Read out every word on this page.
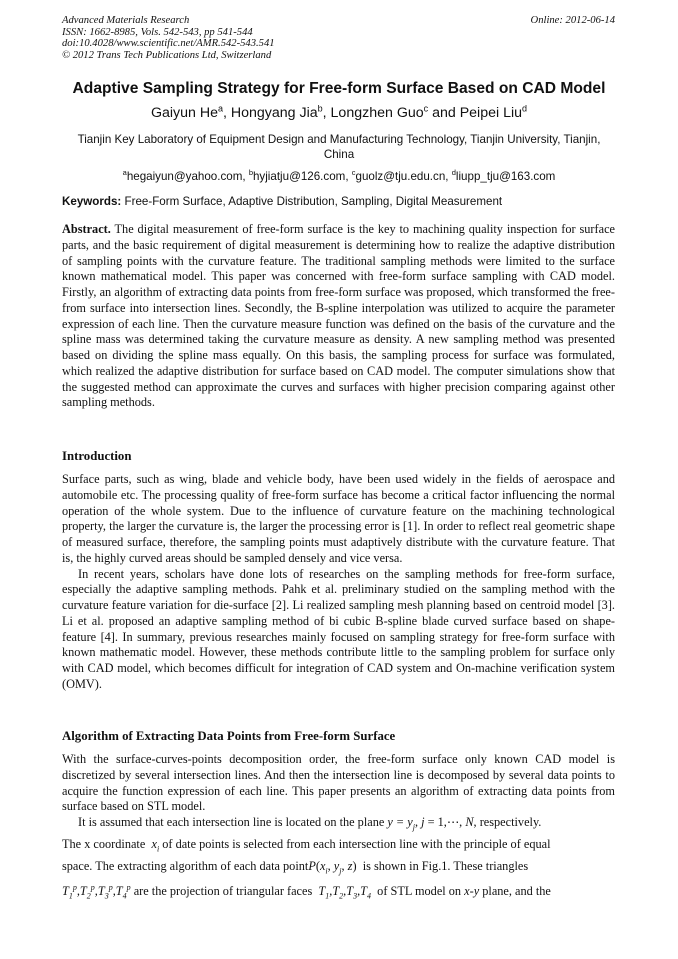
Advanced Materials Research
ISSN: 1662-8985, Vols. 542-543, pp 541-544
doi:10.4028/www.scientific.net/AMR.542-543.541
© 2012 Trans Tech Publications Ltd, Switzerland
Online: 2012-06-14
Adaptive Sampling Strategy for Free-form Surface Based on CAD Model
Gaiyun He$^a$, Hongyang Jia$^b$, Longzhen Guo$^c$ and Peipei Liu$^d$
Tianjin Key Laboratory of Equipment Design and Manufacturing Technology, Tianjin University, Tianjin, China
$^a$hegaiyun@yahoo.com, $^b$hyjiatju@126.com, $^c$guolz@tju.edu.cn, $^d$liupp_tju@163.com
Keywords: Free-Form Surface, Adaptive Distribution, Sampling, Digital Measurement

Abstract. The digital measurement of free-form surface is the key to machining quality inspection for surface parts, and the basic requirement of digital measurement is determining how to realize the adaptive distribution of sampling points with the curvature feature. The traditional sampling methods were limited to the surface known mathematical model. This paper was concerned with free-form surface sampling with CAD model. Firstly, an algorithm of extracting data points from free-form surface was proposed, which transformed the free-from surface into intersection lines. Secondly, the B-spline interpolation was utilized to acquire the parameter expression of each line. Then the curvature measure function was defined on the basis of the curvature and the spline mass was determined taking the curvature measure as density. A new sampling method was presented based on dividing the spline mass equally. On this basis, the sampling process for surface was formulated, which realized the adaptive distribution for surface based on CAD model. The computer simulations show that the suggested method can approximate the curves and surfaces with higher precision comparing against other sampling methods.

Introduction

Surface parts, such as wing, blade and vehicle body, have been used widely in the fields of aerospace and automobile etc. The processing quality of free-form surface has become a critical factor influencing the normal operation of the whole system. Due to the influence of curvature feature on the machining technological property, the larger the curvature is, the larger the processing error is [1]. In order to reflect real geometric shape of measured surface, therefore, the sampling points must adaptively distribute with the curvature feature. That is, the highly curved areas should be sampled densely and vice versa.

In recent years, scholars have done lots of researches on the sampling methods for free-form surface, especially the adaptive sampling methods. Pahk et al. preliminary studied on the sampling method with the curvature feature variation for die-surface [2]. Li realized sampling mesh planning based on centroid model [3]. Li et al. proposed an adaptive sampling method of bi cubic B-spline blade curved surface based on shape-feature [4]. In summary, previous researches mainly focused on sampling strategy for free-form surface with known mathematic model. However, these methods contribute little to the sampling problem for surface only with CAD model, which becomes difficult for integration of CAD system and On-machine verification system (OMV).

Algorithm of Extracting Data Points from Free-form Surface

With the surface-curves-points decomposition order, the free-form surface only known CAD model is discretized by several intersection lines. And then the intersection line is decomposed by several data points to acquire the function expression of each line. This paper presents an algorithm of extracting data points from surface based on STL model.

It is assumed that each intersection line is located on the plane $y = y_j$, j = 1,⋯, N, respectively.
The x coordinate  $x_i$ of date points is selected from each intersection line with the principle of equal
space. The extracting algorithm of each data $pointP(x_i$, $y_j$, z)  is shown in Fig.1. These triangles
$T_1^p,T_2^p,T_3^p,T_4^p$ are the projection of triangular faces  $T_1,T_2,T_3,T_4$ of STL model on x-y plane, and the
